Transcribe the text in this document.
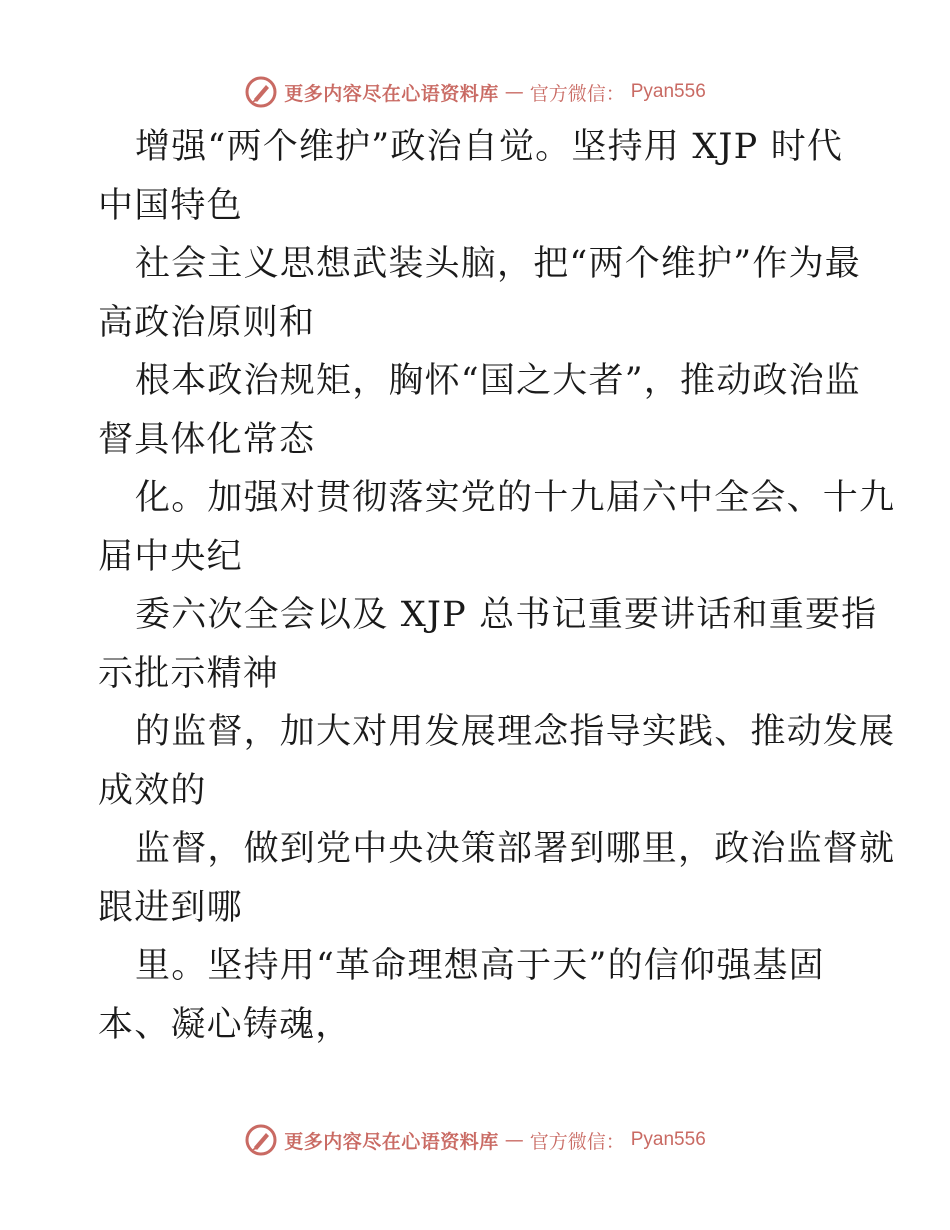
更多内容尽在心语资料库 — 官方微信： Pyan556
增强“两个维护”政治自觉。坚持用 XJP 时代
中国特色
社会主义思想武装头脑，把“两个维护”作为最
高政治原则和
根本政治规矩，胸怀“国之大者”，推动政治监
督具体化常态
化。加强对贯彻落实党的十九届六中全会、十九
届中央纪
委六次全会以及 XJP 总书记重要讲话和重要指
示批示精神
的监督，加大对用发展理念指导实践、推动发展
成效的
监督，做到党中央决策部署到哪里，政治监督就
跟进到哪
里。坚持用“革命理想高于天”的信仰强基固
本、凝心铸魂，
更多内容尽在心语资料库 — 官方微信： Pyan556
